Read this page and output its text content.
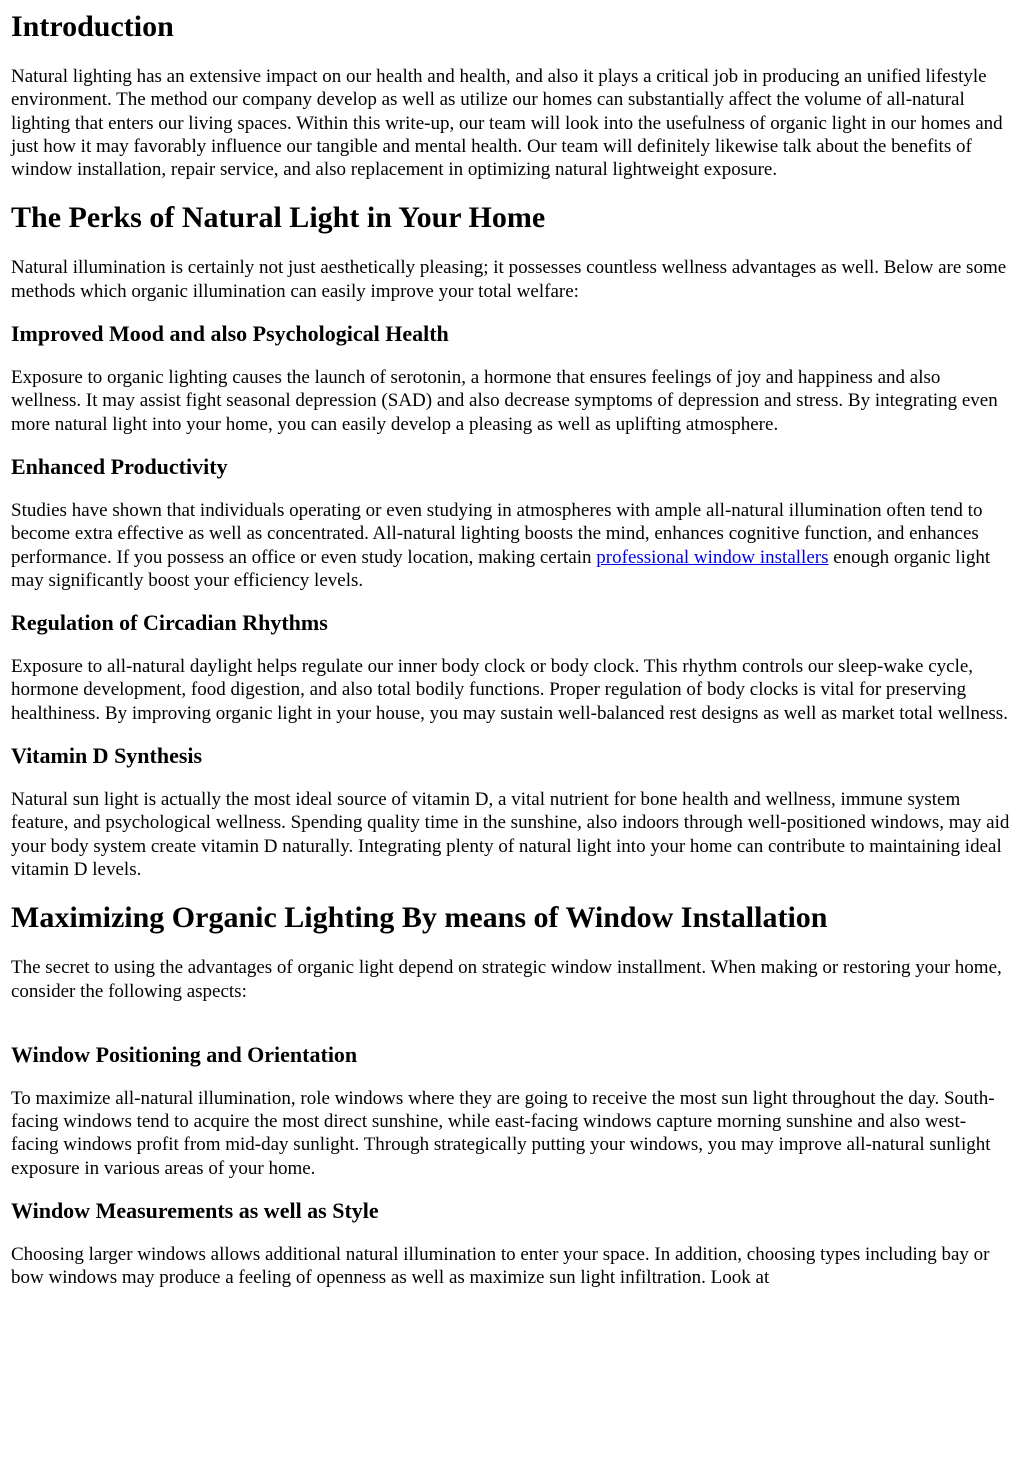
Introduction

Natural lighting has an extensive impact on our health and health, and also it plays a critical job in producing an unified lifestyle environment. The method our company develop as well as utilize our homes can substantially affect the volume of all-natural lighting that enters our living spaces. Within this write-up, our team will look into the usefulness of organic light in our homes and just how it may favorably influence our tangible and mental health. Our team will definitely likewise talk about the benefits of window installation, repair service, and also replacement in optimizing natural lightweight exposure.

The Perks of Natural Light in Your Home

Natural illumination is certainly not just aesthetically pleasing; it possesses countless wellness advantages as well. Below are some methods which organic illumination can easily improve your total welfare:

Improved Mood and also Psychological Health

Exposure to organic lighting causes the launch of serotonin, a hormone that ensures feelings of joy and happiness and also wellness. It may assist fight seasonal depression (SAD) and also decrease symptoms of depression and stress. By integrating even more natural light into your home, you can easily develop a pleasing as well as uplifting atmosphere.

Enhanced Productivity

Studies have shown that individuals operating or even studying in atmospheres with ample all-natural illumination often tend to become extra effective as well as concentrated. All-natural lighting boosts the mind, enhances cognitive function, and enhances performance. If you possess an office or even study location, making certain professional window installers enough organic light may significantly boost your efficiency levels.

Regulation of Circadian Rhythms

Exposure to all-natural daylight helps regulate our inner body clock or body clock. This rhythm controls our sleep-wake cycle, hormone development, food digestion, and also total bodily functions. Proper regulation of body clocks is vital for preserving healthiness. By improving organic light in your house, you may sustain well-balanced rest designs as well as market total wellness.

Vitamin D Synthesis

Natural sun light is actually the most ideal source of vitamin D, a vital nutrient for bone health and wellness, immune system feature, and psychological wellness. Spending quality time in the sunshine, also indoors through well-positioned windows, may aid your body system create vitamin D naturally. Integrating plenty of natural light into your home can contribute to maintaining ideal vitamin D levels.

Maximizing Organic Lighting By means of Window Installation

The secret to using the advantages of organic light depend on strategic window installment. When making or restoring your home, consider the following aspects:

Window Positioning and Orientation

To maximize all-natural illumination, role windows where they are going to receive the most sun light throughout the day. South-facing windows tend to acquire the most direct sunshine, while east-facing windows capture morning sunshine and also west-facing windows profit from mid-day sunlight. Through strategically putting your windows, you may improve all-natural sunlight exposure in various areas of your home.

Window Measurements as well as Style

Choosing larger windows allows additional natural illumination to enter your space. In addition, choosing types including bay or bow windows may produce a feeling of openness as well as maximize sun light infiltration. Look at
